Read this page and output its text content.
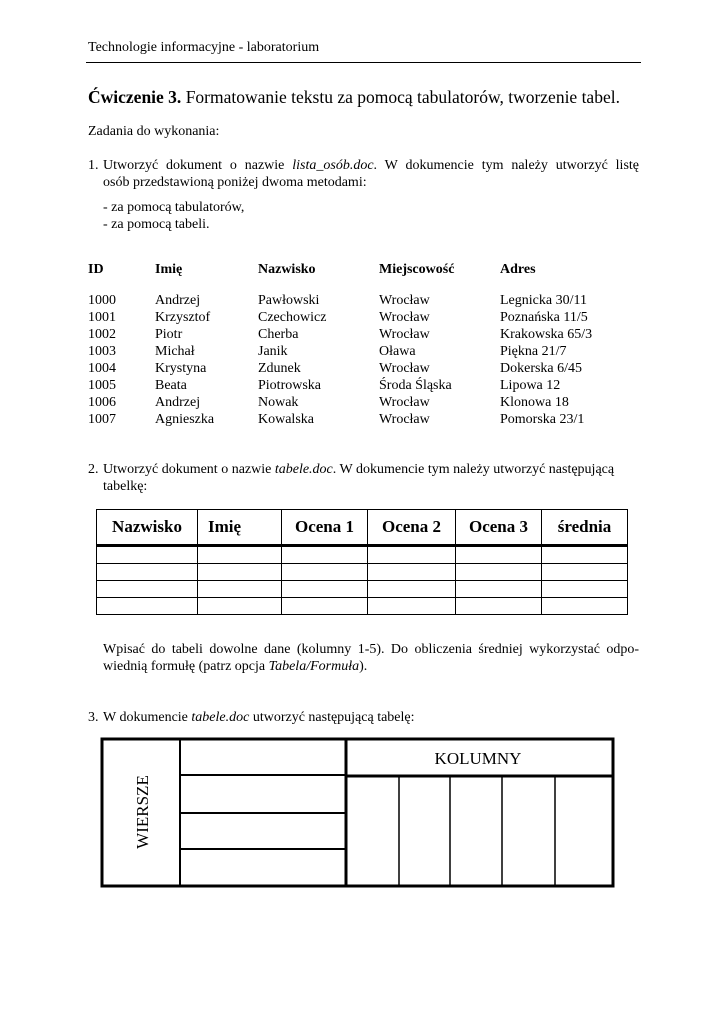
Technologie informacyjne - laboratorium
Ćwiczenie 3. Formatowanie tekstu za pomocą tabulatorów, tworzenie tabel.
Zadania do wykonania:
1. Utworzyć dokument o nazwie lista_osób.doc. W dokumencie tym należy utworzyć listę
osób przedstawioną poniżej dwoma metodami:
- za pomocą tabulatorów,
- za pomocą tabeli.
ID	Imię	Nazwisko	Miejscowość	Adres
1000	Andrzej	Pawłowski	Wrocław	Legnicka 30/11
1001	Krzysztof	Czechowicz	Wrocław	Poznańska 11/5
1002	Piotr	Cherba	Wrocław	Krakowska 65/3
1003	Michał	Janik	Oława	Piękna 21/7
1004	Krystyna	Zdunek	Wrocław	Dokerska 6/45
1005	Beata	Piotrowska	Środa Śląska	Lipowa 12
1006	Andrzej	Nowak	Wrocław	Klonowa 18
1007	Agnieszka	Kowalska	Wrocław	Pomorska 23/1
2. Utworzyć dokument o nazwie tabele.doc. W dokumencie tym należy utworzyć następującą
tabelkę:
Nazwisko	Imię	Ocena 1	Ocena 2	Ocena 3	średnia

Wpisać do tabeli dowolne dane (kolumny 1-5). Do obliczenia średniej wykorzystać odpo-
wiednią formułę (patrz opcja Tabela/Formuła).
3. W dokumencie tabele.doc utworzyć następującą tabelę:
WIERSZE
KOLUMNY
